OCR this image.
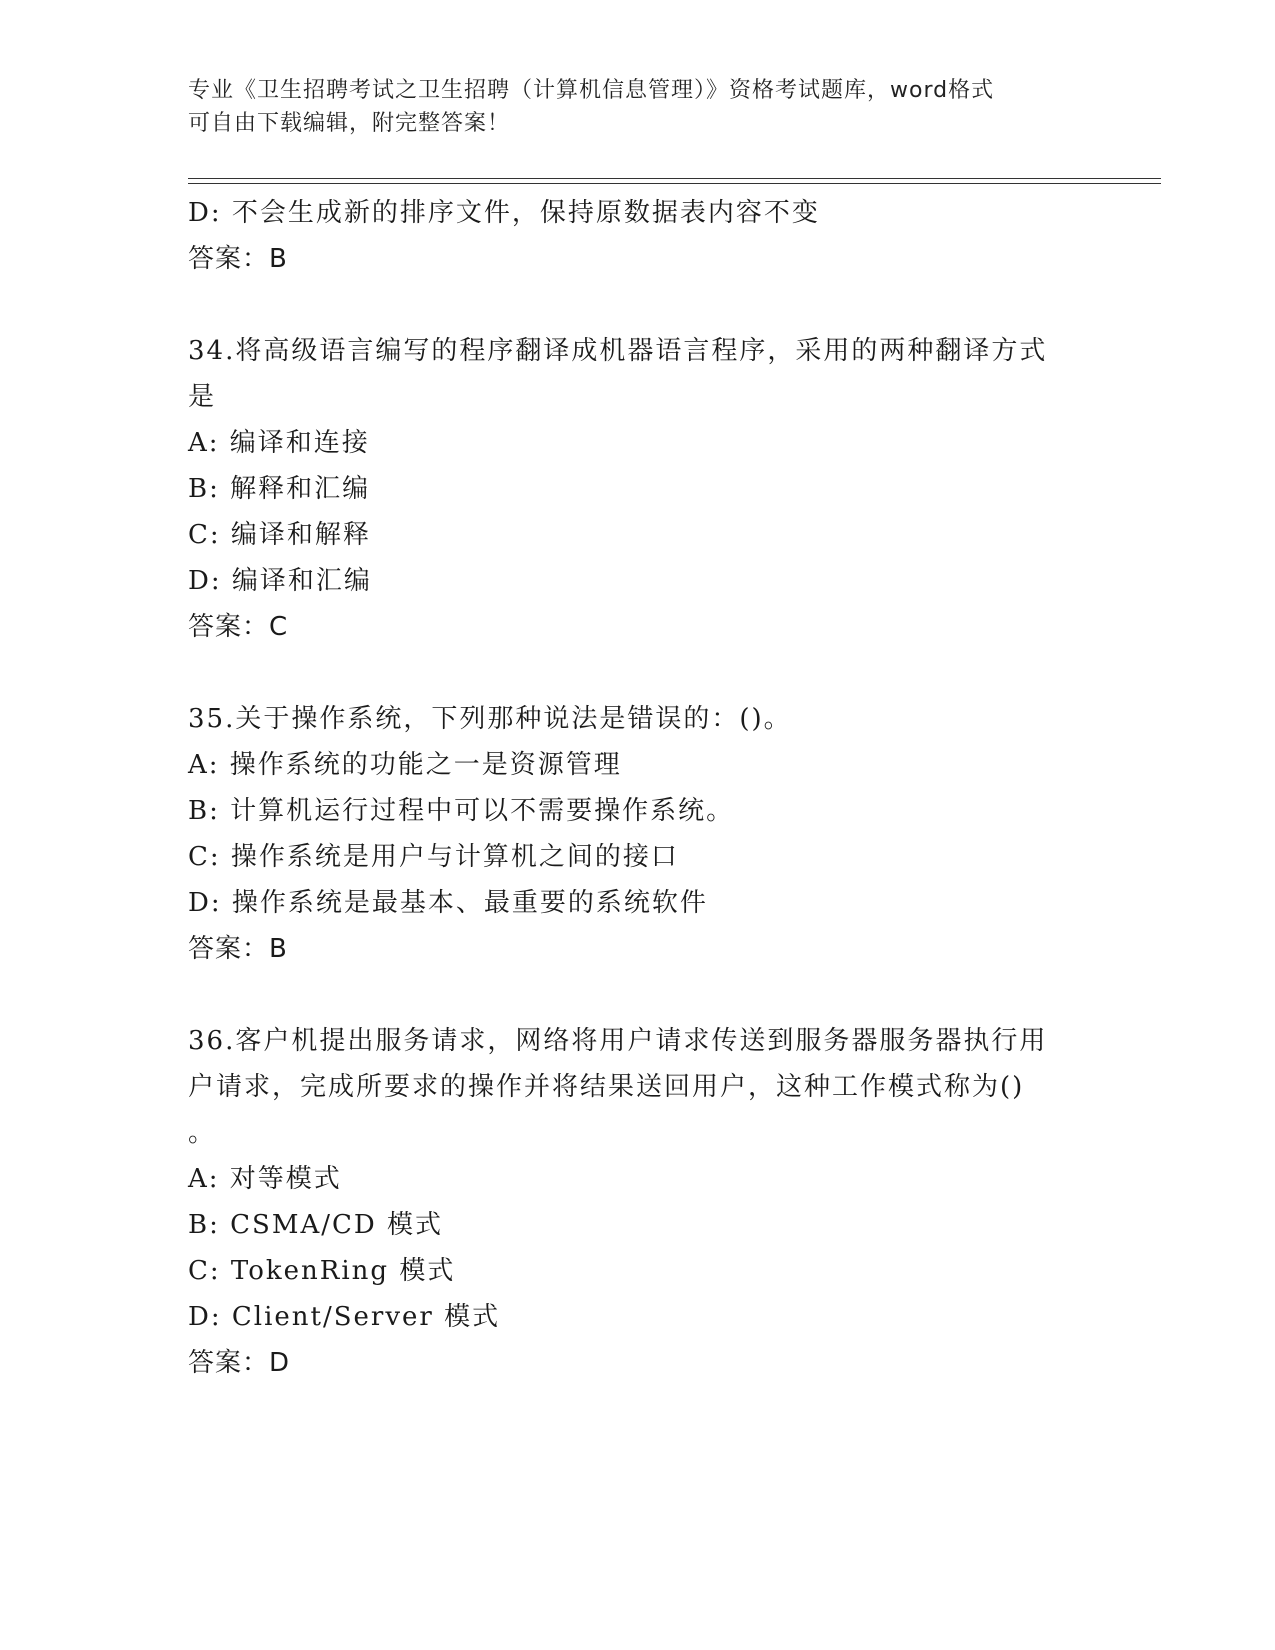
专业《卫生招聘考试之卫生招聘（计算机信息管理）》资格考试题库，word格式
可自由下载编辑，附完整答案！
D: 不会生成新的排序文件，保持原数据表内容不变
答案：B
34.将高级语言编写的程序翻译成机器语言程序，采用的两种翻译方式
是
A: 编译和连接
B: 解释和汇编
C: 编译和解释
D: 编译和汇编
答案：C
35.关于操作系统，下列那种说法是错误的：()。
A: 操作系统的功能之一是资源管理
B: 计算机运行过程中可以不需要操作系统。
C: 操作系统是用户与计算机之间的接口
D: 操作系统是最基本、最重要的系统软件
答案：B
36.客户机提出服务请求，网络将用户请求传送到服务器服务器执行用
户请求，完成所要求的操作并将结果送回用户，这种工作模式称为()
。
A: 对等模式
B: CSMA/CD 模式
C: TokenRing 模式
D: Client/Server 模式
答案：D
